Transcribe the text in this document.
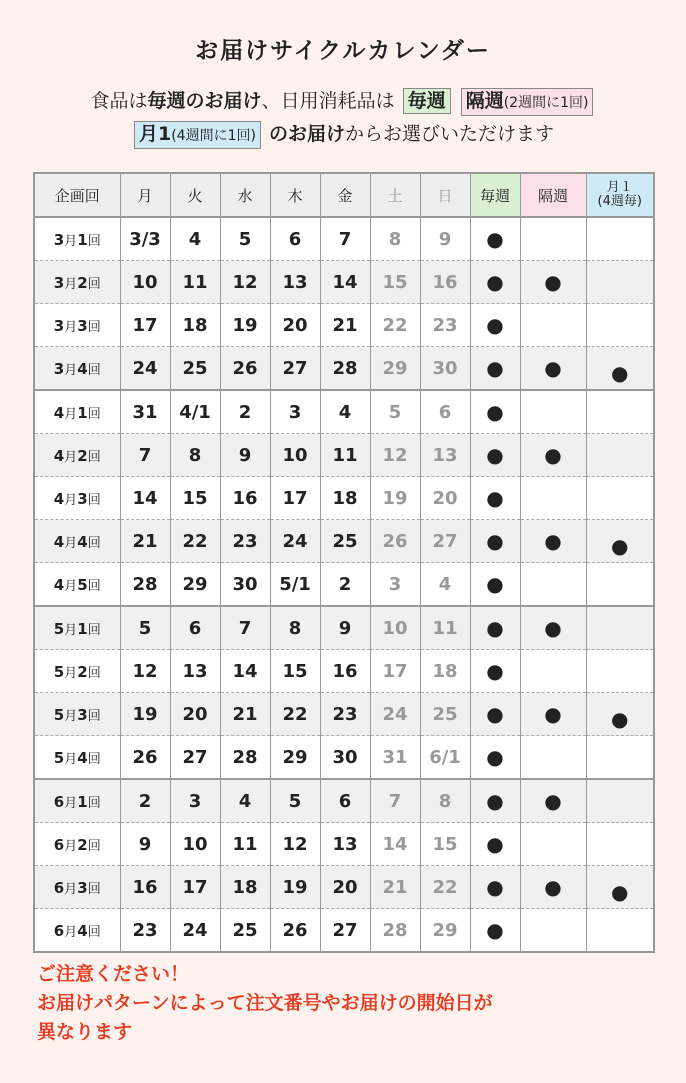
お届けサイクルカレンダー
食品は毎週のお届け、日用消耗品は 毎週 隔週(2週間に1回)
月1(4週間に1回) のお届けからお選びいただけます
企画回	月	火	水	木	金	土	日	毎週	隔週	月１
(4週毎)

3月1回	3/3	4	5	6	7	8	9	●		
3月2回	10	11	12	13	14	15	16	●	●	
3月3回	17	18	19	20	21	22	23	●		
3月4回	24	25	26	27	28	29	30	●	●	●
4月1回	31	4/1	2	3	4	5	6	●		
4月2回	7	8	9	10	11	12	13	●	●	
4月3回	14	15	16	17	18	19	20	●		
4月4回	21	22	23	24	25	26	27	●	●	●
4月5回	28	29	30	5/1	2	3	4	●		
5月1回	5	6	7	8	9	10	11	●	●	
5月2回	12	13	14	15	16	17	18	●		
5月3回	19	20	21	22	23	24	25	●	●	●
5月4回	26	27	28	29	30	31	6/1	●		
6月1回	2	3	4	5	6	7	8	●	●	
6月2回	9	10	11	12	13	14	15	●		
6月3回	16	17	18	19	20	21	22	●	●	●
6月4回	23	24	25	26	27	28	29	●		
ご注意ください！
お届けパターンによって注文番号やお届けの開始日が
異なります
